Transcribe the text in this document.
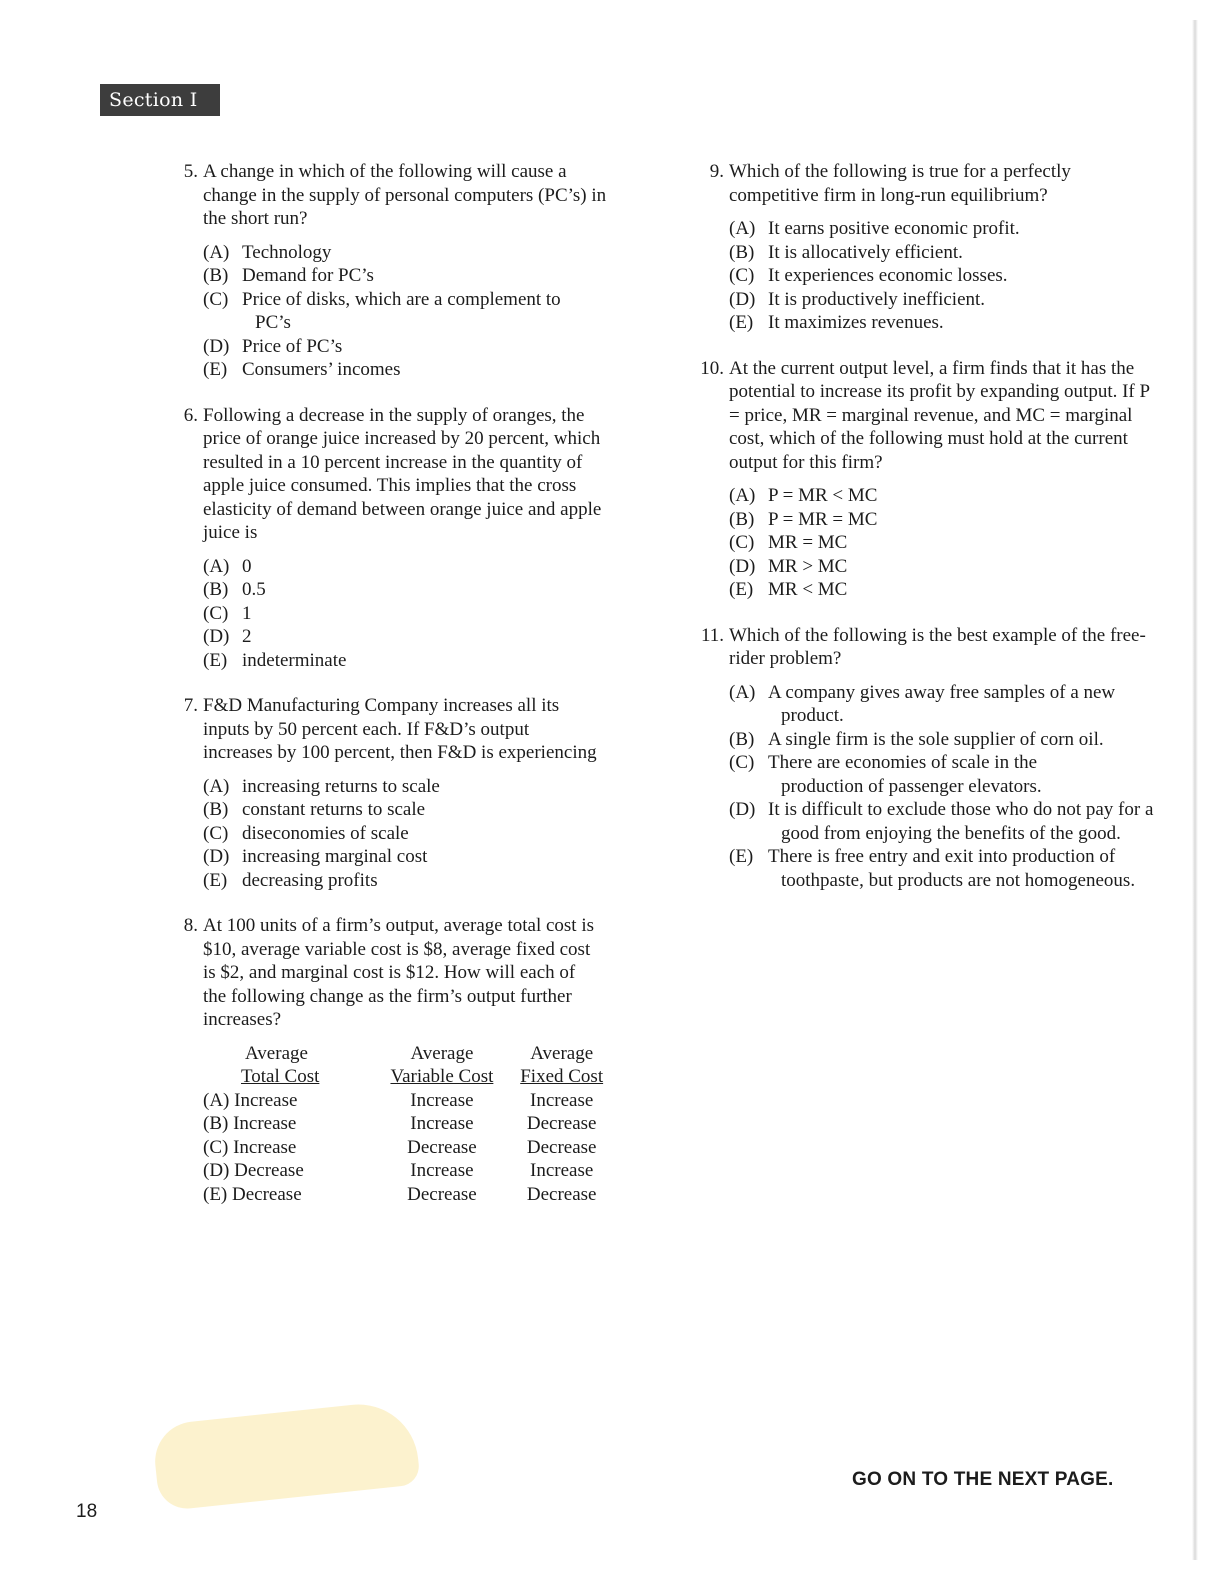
Section I
5. A change in which of the following will cause a change in the supply of personal computers (PC’s) in the short run?
(A) Technology
(B) Demand for PC’s
(C) Price of disks, which are a complement to PC’s
(D) Price of PC’s
(E) Consumers’ incomes
6. Following a decrease in the supply of oranges, the price of orange juice increased by 20 percent, which resulted in a 10 percent increase in the quantity of apple juice consumed. This implies that the cross elasticity of demand between orange juice and apple juice is
(A) 0
(B) 0.5
(C) 1
(D) 2
(E) indeterminate
7. F&D Manufacturing Company increases all its inputs by 50 percent each. If F&D’s output increases by 100 percent, then F&D is experiencing
(A) increasing returns to scale
(B) constant returns to scale
(C) diseconomies of scale
(D) increasing marginal cost
(E) decreasing profits
8. At 100 units of a firm’s output, average total cost is $10, average variable cost is $8, average fixed cost is $2, and marginal cost is $12. How will each of the following change as the firm’s output further increases?
Average	Average	Average
Total Cost	Variable Cost	Fixed Cost
(A) Increase	Increase	Increase
(B) Increase	Increase	Decrease
(C) Increase	Decrease	Decrease
(D) Decrease	Increase	Increase
(E) Decrease	Decrease	Decrease
9. Which of the following is true for a perfectly competitive firm in long-run equilibrium?
(A) It earns positive economic profit.
(B) It is allocatively efficient.
(C) It experiences economic losses.
(D) It is productively inefficient.
(E) It maximizes revenues.
10. At the current output level, a firm finds that it has the potential to increase its profit by expanding output. If P = price, MR = marginal revenue, and MC = marginal cost, which of the following must hold at the current output for this firm?
(A) P = MR < MC
(B) P = MR = MC
(C) MR = MC
(D) MR > MC
(E) MR < MC
11. Which of the following is the best example of the free-rider problem?
(A) A company gives away free samples of a new product.
(B) A single firm is the sole supplier of corn oil.
(C) There are economies of scale in the production of passenger elevators.
(D) It is difficult to exclude those who do not pay for a good from enjoying the benefits of the good.
(E) There is free entry and exit into production of toothpaste, but products are not homogeneous.
GO ON TO THE NEXT PAGE.
18
